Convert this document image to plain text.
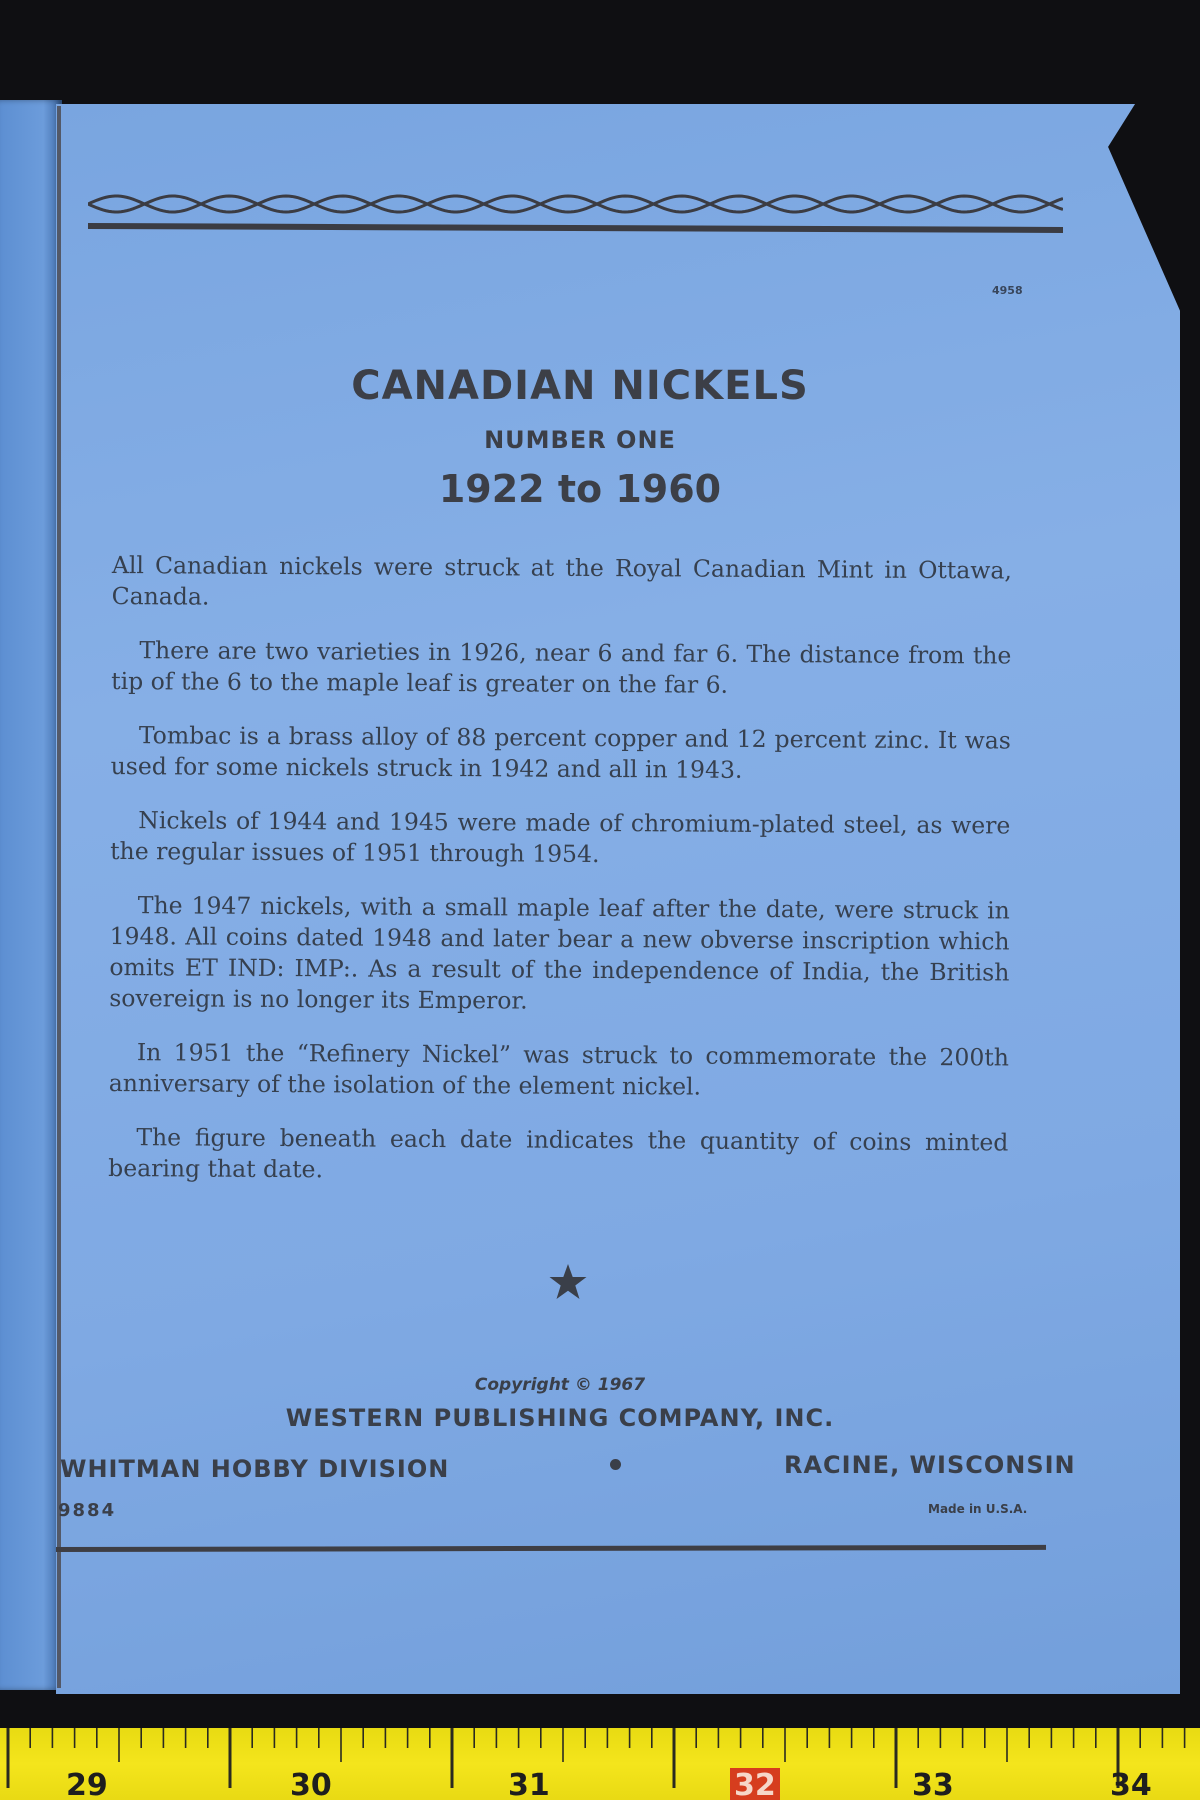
4958
CANADIAN NICKELS
NUMBER ONE
1922 to 1960

All Canadian nickels were struck at the Royal Canadian Mint in Ottawa, Canada.

There are two varieties in 1926, near 6 and far 6. The distance from the tip of the 6 to the maple leaf is greater on the far 6.

Tombac is a brass alloy of 88 percent copper and 12 percent zinc. It was used for some nickels struck in 1942 and all in 1943.

Nickels of 1944 and 1945 were made of chromium-plated steel, as were the regular issues of 1951 through 1954.

The 1947 nickels, with a small maple leaf after the date, were struck in 1948. All coins dated 1948 and later bear a new obverse inscription which omits ET IND: IMP:. As a result of the independence of India, the British sovereign is no longer its Emperor.

In 1951 the “Refinery Nickel” was struck to commemorate the 200th anniversary of the isolation of the element nickel.

The figure beneath each date indicates the quantity of coins minted bearing that date.

Copyright © 1967
WESTERN PUBLISHING COMPANY, INC.
WHITMAN HOBBY DIVISION	RACINE, WISCONSIN
9884	Made in U.S.A.
29	30	31	32	33	34
